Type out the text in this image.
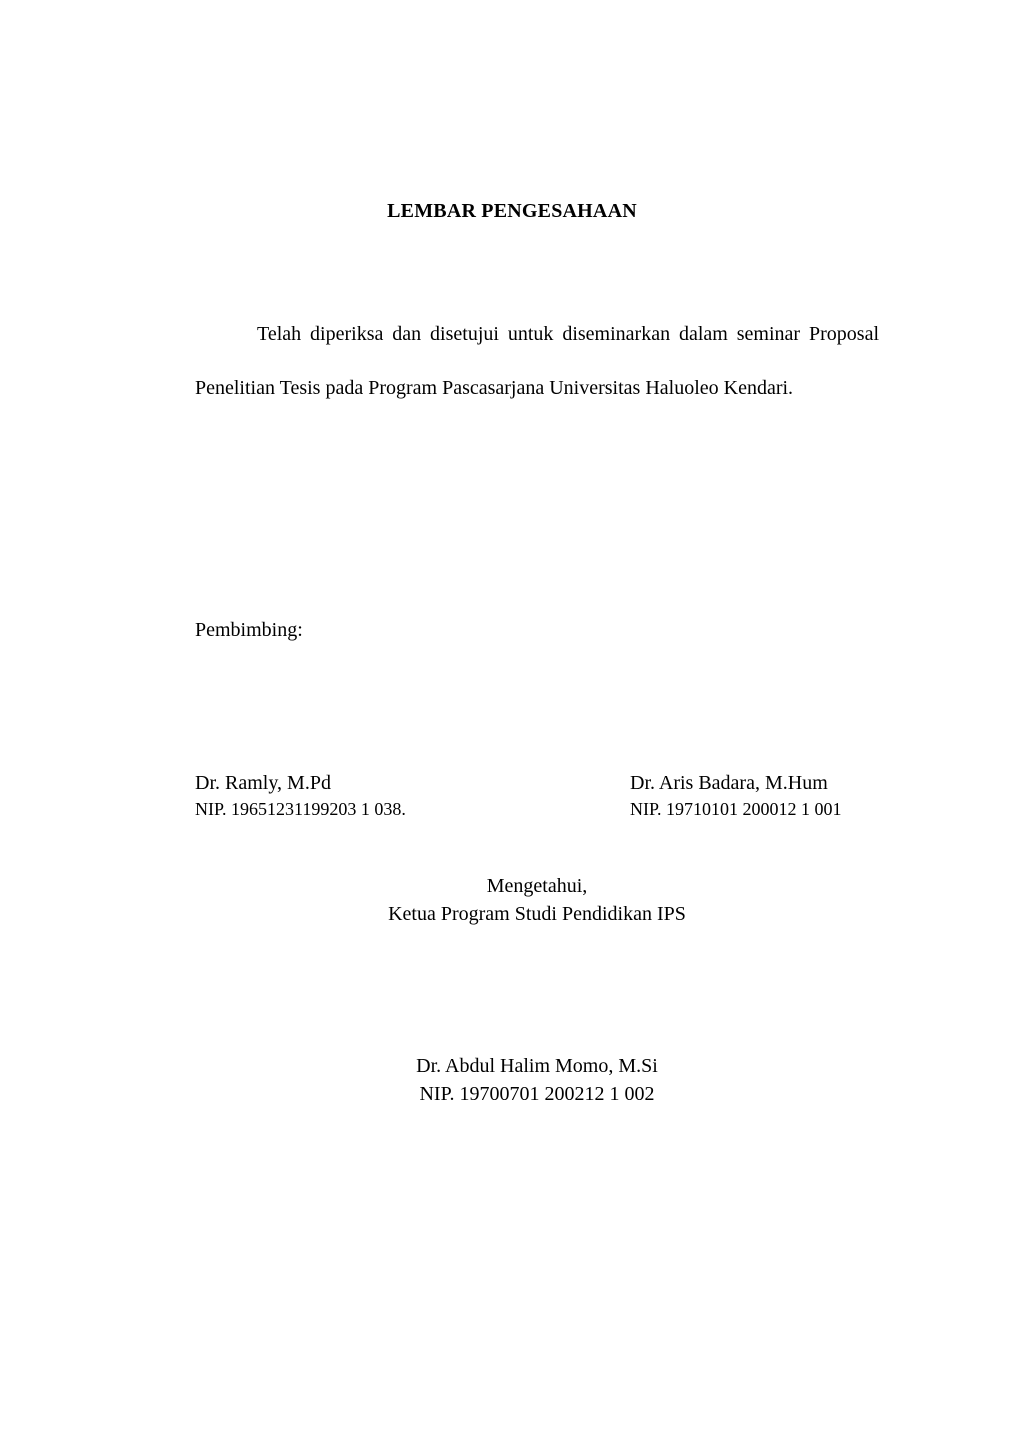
LEMBAR PENGESAHAAN

Telah diperiksa dan disetujui untuk diseminarkan dalam seminar Proposal Penelitian Tesis pada Program Pascasarjana Universitas Haluoleo Kendari.

Pembimbing:

Dr. Ramly, M.Pd
NIP. 19651231199203 1 038.
Dr. Aris Badara, M.Hum
NIP. 19710101 200012 1 001
Mengetahui,
Ketua Program Studi Pendidikan IPS
Dr. Abdul Halim Momo, M.Si
NIP. 19700701 200212 1 002
